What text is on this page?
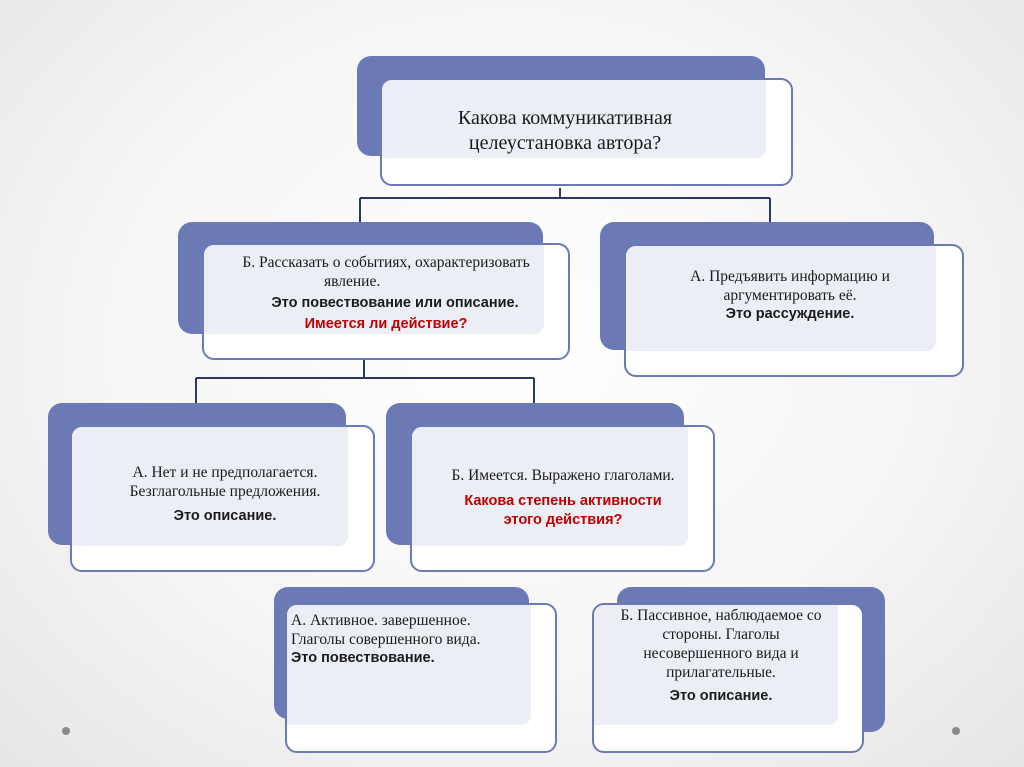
Какова коммуникативная
целеустановка автора?
Б. Рассказать о событиях, охарактеризовать
явление.
Это повествование или описание.
Имеется ли действие?
А. Предъявить информацию и
аргументировать её.
Это рассуждение.
А. Нет и не предполагается.
Безглагольные предложения.
Это описание.
Б. Имеется. Выражено глаголами.
Какова степень активности
этого действия?
А. Активное. завершенное.
Глаголы совершенного вида.
Это повествование.
Б. Пассивное, наблюдаемое со
стороны. Глаголы
несовершенного вида и
прилагательные.
Это описание.
